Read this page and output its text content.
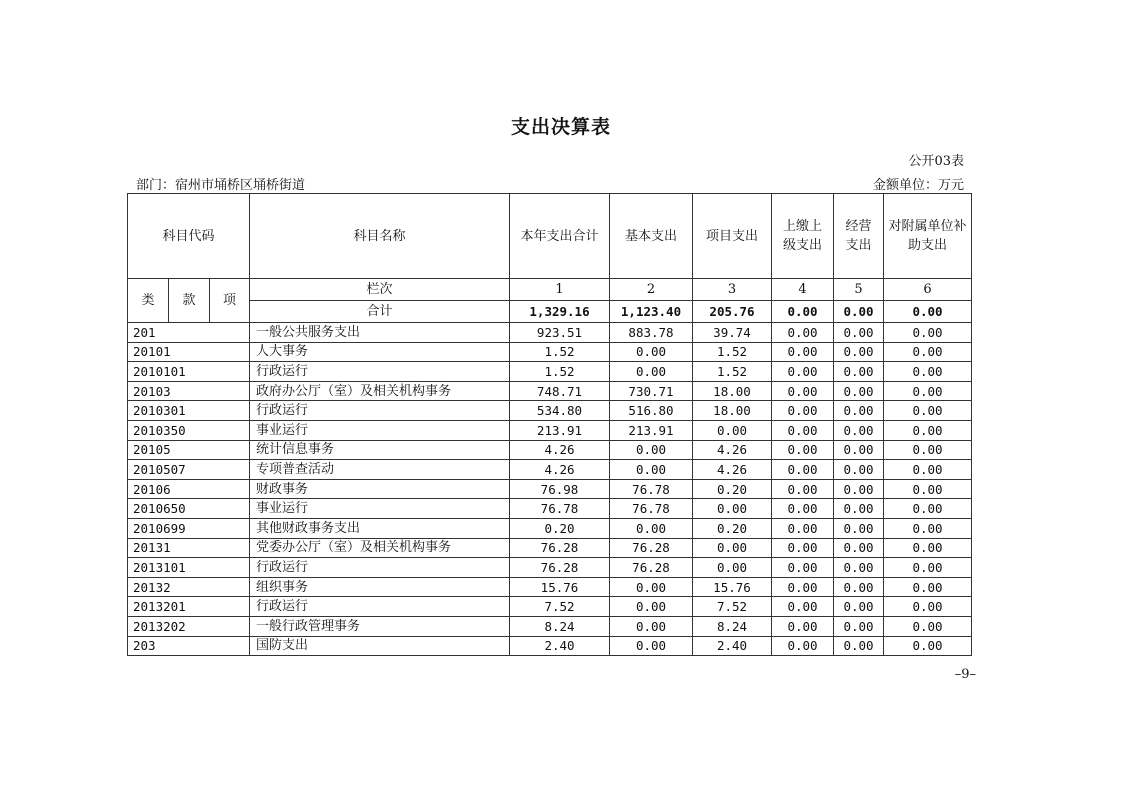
支出决算表
公开03表
部门：宿州市埇桥区埇桥街道	金额单位：万元
科目代码			科目名称	本年支出合计	基本支出	项目支出	上缴上级支出	经营支出	对附属单位补助支出
类	款	项	栏次	1	2	3	4	5	6
			合计	1,329.16	1,123.40	205.76	0.00	0.00	0.00
201			一般公共服务支出	923.51	883.78	39.74	0.00	0.00	0.00
20101			人大事务	1.52	0.00	1.52	0.00	0.00	0.00
2010101			行政运行	1.52	0.00	1.52	0.00	0.00	0.00
20103			政府办公厅（室）及相关机构事务	748.71	730.71	18.00	0.00	0.00	0.00
2010301			行政运行	534.80	516.80	18.00	0.00	0.00	0.00
2010350			事业运行	213.91	213.91	0.00	0.00	0.00	0.00
20105			统计信息事务	4.26	0.00	4.26	0.00	0.00	0.00
2010507			专项普查活动	4.26	0.00	4.26	0.00	0.00	0.00
20106			财政事务	76.98	76.78	0.20	0.00	0.00	0.00
2010650			事业运行	76.78	76.78	0.00	0.00	0.00	0.00
2010699			其他财政事务支出	0.20	0.00	0.20	0.00	0.00	0.00
20131			党委办公厅（室）及相关机构事务	76.28	76.28	0.00	0.00	0.00	0.00
2013101			行政运行	76.28	76.28	0.00	0.00	0.00	0.00
20132			组织事务	15.76	0.00	15.76	0.00	0.00	0.00
2013201			行政运行	7.52	0.00	7.52	0.00	0.00	0.00
2013202			一般行政管理事务	8.24	0.00	8.24	0.00	0.00	0.00
203			国防支出	2.40	0.00	2.40	0.00	0.00	0.00
–9–
